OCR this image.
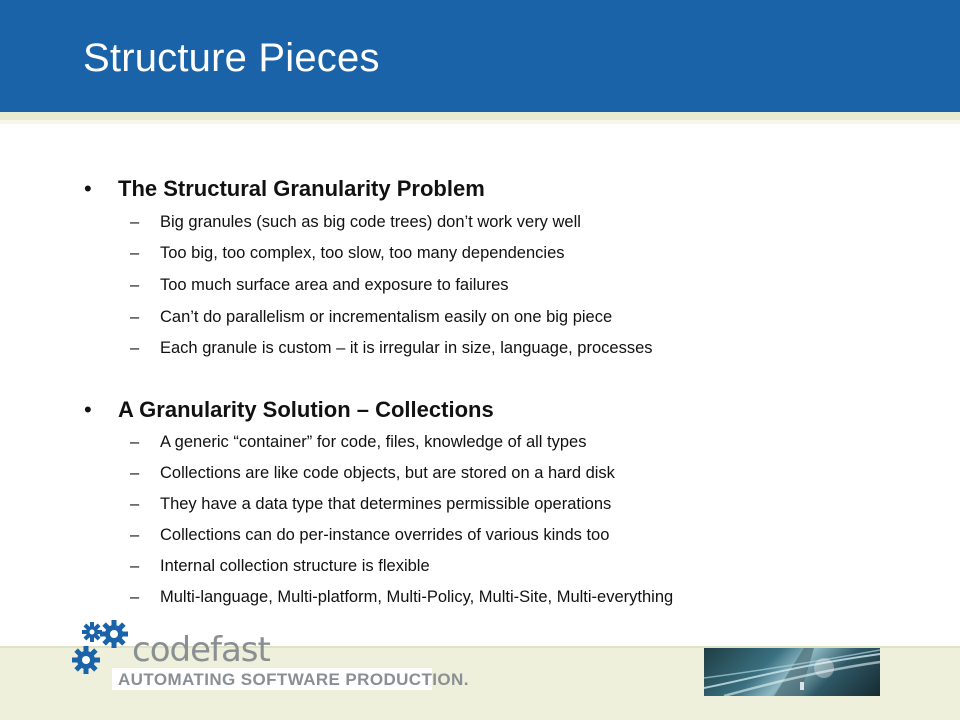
Structure Pieces
• The Structural Granularity Problem
– Big granules (such as big code trees) don’t work very well
– Too big, too complex, too slow, too many dependencies
– Too much surface area and exposure to failures
– Can’t do parallelism or incrementalism easily on one big piece
– Each granule is custom – it is irregular in size, language, processes
• A Granularity Solution – Collections
– A generic “container” for code, files, knowledge of all types
– Collections are like code objects, but are stored on a hard disk
– They have a data type that determines permissible operations
– Collections can do per-instance overrides of various kinds too
– Internal collection structure is flexible
– Multi-language, Multi-platform, Multi-Policy, Multi-Site, Multi-everything
codefast
AUTOMATING SOFTWARE PRODUCTION.
